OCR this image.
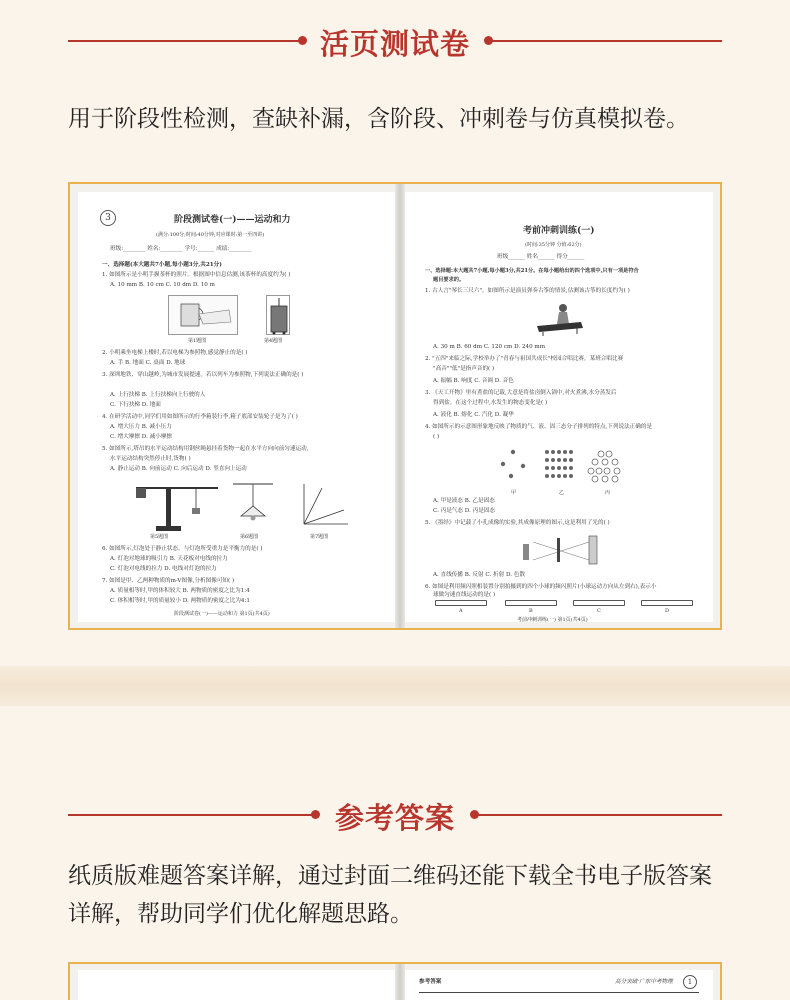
活页测试卷
用于阶段性检测，查缺补漏，含阶段、冲刺卷与仿真模拟卷。
3	阶段测试卷(一)——运动和力
(满分:100分;时间:40分钟;对应课时:第一至四讲)
班级:________ 姓名:________ 学号:______ 成绩:________
一、选择题(本大题共7小题,每小题3分,共21分)
1. 如图所示是小明手握茶杯的照片。根据图中信息估测,该茶杯的高度约为( )
A. 10 mm B. 10 cm C. 10 dm D. 10 m
第1题图	第4题图
2. 小明乘坐电梯上楼时,若以电梯为参照物,感觉静止的是( )
A. 手 B. 地面 C. 桌面 D. 地球
3. 深圳地铁、穿山越岭,为城市发展提速。若以列车为参照物,下列说法正确的是( )
A. 上行扶梯 B. 上行扶梯向上行驶的人
C. 下行扶梯 D. 地面
4. 在研学活动中,同学们用如图所示的行李箱装行李,箱子底部安装轮子是为了( )
A. 增大压力 B. 减小压力
C. 增大摩擦 D. 减小摩擦
5. 如图所示,塔吊的水平运动结构用钢丝绳悬挂着货物一起在水平方向向前匀速运动,
水平运动结构突然停止时,货物( )
A. 静止运动 B. 向前运动 C. 向后运动 D. 竖直向上运动
第5题图	第6题图	第7题图
6. 如图所示,灯泡处于静止状态。与灯泡所受重力是平衡力的是( )
A. 灯泡对地球的吸引力 B. 天花板对电线的拉力
C. 灯泡对电线的拉力 D. 电线对灯泡的拉力
7. 如图是甲、乙两种物质的m-V图像,分析图像可知( )
A. 质量相等时,甲的体积较大 B. 两物质的密度之比为1:4
C. 体积相等时,甲的质量较小 D. 两物质的密度之比为4:1
阶段测试卷(一)——运动和力 第1页(共4页)
考前冲刺训练(一)
(时间:35分钟 分值:62分)
班级______ 姓名______ 得分______
一、选择题:本大题共7小题,每小题3分,共21分。在每小题给出的四个选项中,只有一项是符合
题目要求的。
1. 古人言"琴长三尺六"。如图所示是演员弹奏古筝的情景,估测该古筝的长度约为( )
A. 30 m B. 60 dm C. 120 cm D. 240 mm
2. "五四"来临之际,学校举办了"青春与祖国共成长"校园合唱比赛。某班合唱比赛
"高音""低"是指声音的( )
A. 振幅 B. 响度 C. 音调 D. 音色
3. 《天工开物》里有煮盐的记载,大意是将盐卤倒入锅中,对火煮沸,水分蒸发后
得到盐。在这个过程中,水发生的物态变化是( )
A. 液化 B. 熔化 C. 汽化 D. 凝华
4. 如图所示的示意图形象地反映了物质的气、液、固三态分子排列的特点,下列说法正确的是
( )
甲	乙	丙
A. 甲是液态 B. 乙是固态
C. 丙是气态 D. 丙是固态
5. 《墨经》中记载了小孔成像的实验,其成像原理的图示,这是利用了光的( )
A. 直线传播 B. 反射 C. 折射 D. 色散
6. 如图是利用频闪照相装置分别拍摄到的四个小球的频闪照片(小球运动方向从左到右),表示小
球做匀速直线运动的是( )
A	B	C	D
考前冲刺训练(一) 第1页(共4页)
参考答案
纸质版难题答案详解，通过封面二维码还能下载全书电子版答案详解，帮助同学们优化解题思路。
参考答案	高分突破·广东中考物理	1
